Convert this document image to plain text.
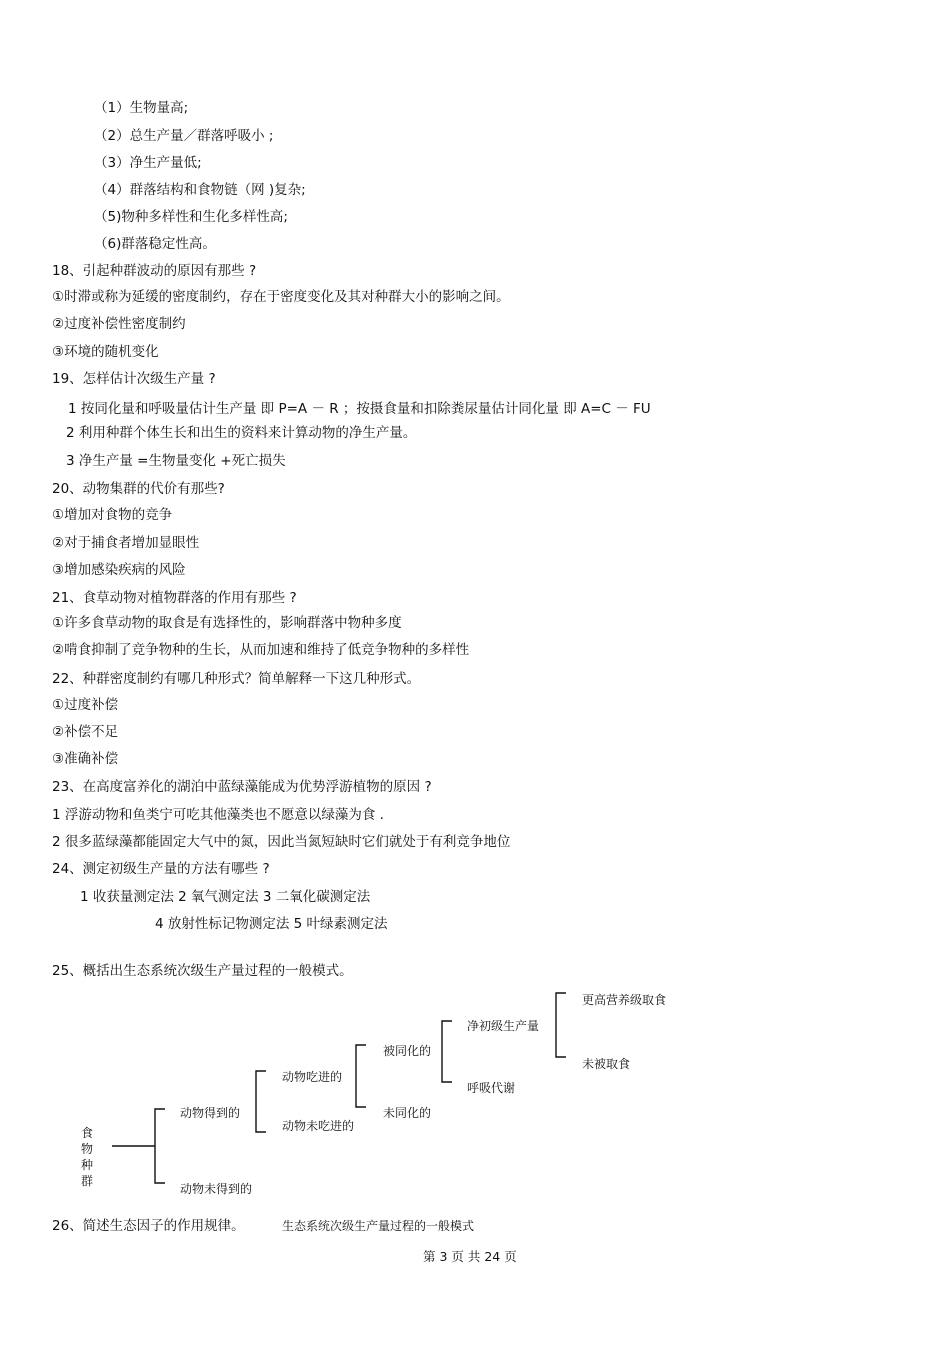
（1）生物量高;
（2）总生产量／群落呼吸小 ;
（3）净生产量低;
（4）群落结构和食物链（网 )复杂;
（5)物种多样性和生化多样性高;
（6)群落稳定性高。
18、引起种群波动的原因有那些 ?
①时滞或称为延缓的密度制约，存在于密度变化及其对种群大小的影响之间。
②过度补偿性密度制约
③环境的随机变化
19、怎样估计次级生产量 ?
1 按同化量和呼吸量估计生产量 即 P=A － R ；按摄食量和扣除粪尿量估计同化量 即 A=C － FU
2 利用种群个体生长和出生的资料来计算动物的净生产量。
3 净生产量 =生物量变化 +死亡损失
20、动物集群的代价有那些?
①增加对食物的竞争
②对于捕食者增加显眼性
③增加感染疾病的风险
21、食草动物对植物群落的作用有那些 ?
①许多食草动物的取食是有选择性的，影响群落中物种多度
②啃食抑制了竞争物种的生长，从而加速和维持了低竞争物种的多样性
22、种群密度制约有哪几种形式？简单解释一下这几种形式。
①过度补偿
②补偿不足
③准确补偿
23、在高度富养化的湖泊中蓝绿藻能成为优势浮游植物的原因 ?
1 浮游动物和鱼类宁可吃其他藻类也不愿意以绿藻为食 .
2 很多蓝绿藻都能固定大气中的氮，因此当氮短缺时它们就处于有利竞争地位
24、测定初级生产量的方法有哪些 ?
1 收获量测定法 2 氧气测定法 3 二氧化碳测定法
4 放射性标记物测定法 5 叶绿素测定法
25、概括出生态系统次级生产量过程的一般模式。
食物种群
动物得到的
动物未得到的
动物吃进的
动物未吃进的
被同化的
未同化的
净初级生产量
呼吸代谢
更高营养级取食
未被取食
26、简述生态因子的作用规律。	生态系统次级生产量过程的一般模式
第 3 页 共 24 页
